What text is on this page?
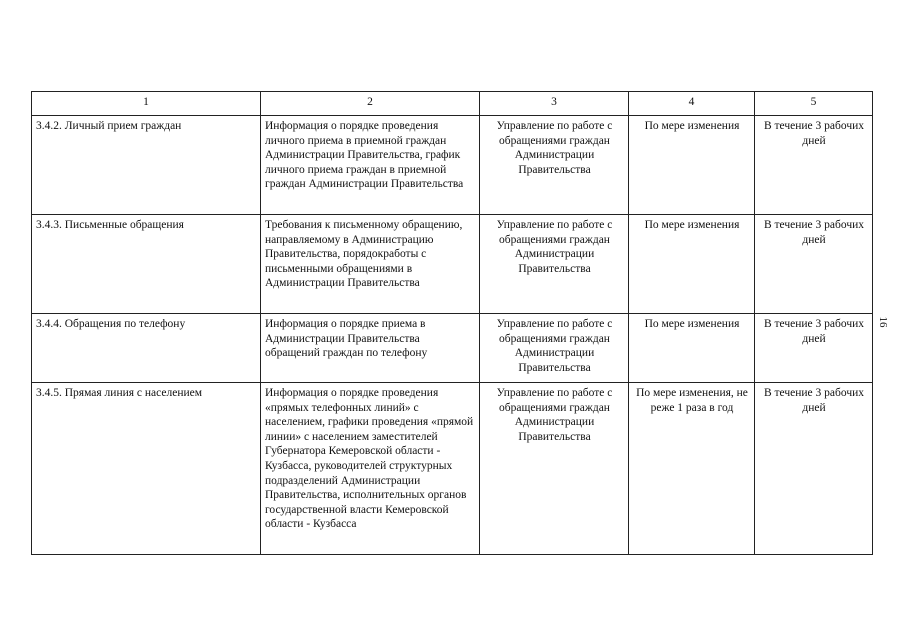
1	2	3	4	5
3.4.2. Личный прием граждан	Информация о порядке проведения личного приема в приемной граждан Администрации Правительства, график личного приема граждан в приемной граждан Администрации Правительства	Управление по работе с обращениями граждан Администрации Правительства	По мере изменения	В течение 3 рабочих дней
3.4.3. Письменные обращения	Требования к письменному обращению, направляемому в Администрацию Правительства, порядокработы с письменными обращениями в Администрации Правительства	Управление по работе с обращениями граждан Администрации Правительства	По мере изменения	В течение 3 рабочих дней
3.4.4. Обращения по телефону	Информация о порядке приема в Администрации Правительства обращений граждан по телефону	Управление по работе с обращениями граждан Администрации Правительства	По мере изменения	В течение 3 рабочих дней
3.4.5. Прямая линия с населением	Информация о порядке проведения «прямых телефонных линий» с населением, графики проведения «прямой линии» с населением заместителей Губернатора Кемеровской области - Кузбасса, руководителей структурных подразделений Администрации Правительства, исполнительных органов государственной власти Кемеровской области - Кузбасса	Управление по работе с обращениями граждан Администрации Правительства	По мере изменения, не реже 1 раза в год	В течение 3 рабочих дней
16
